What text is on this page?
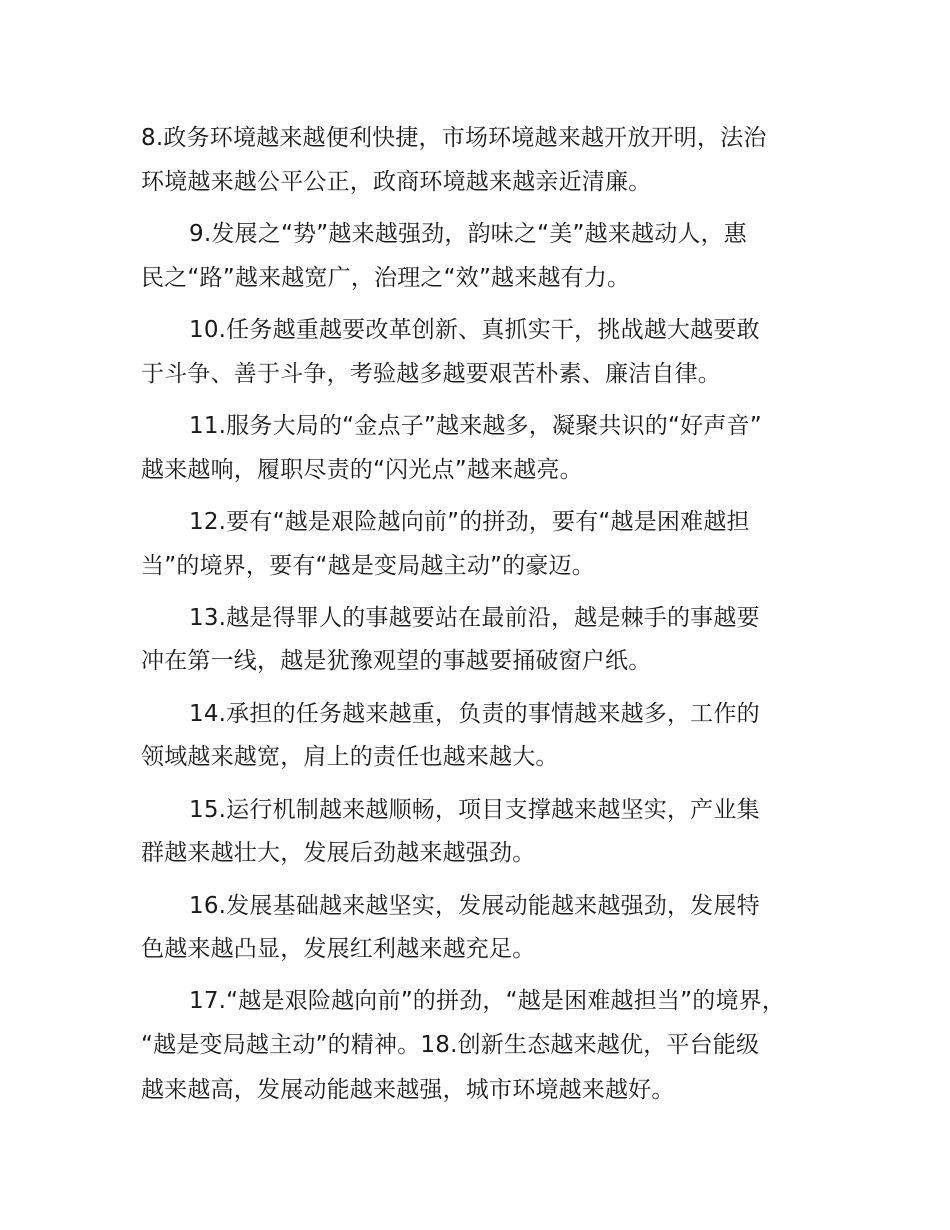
8.政务环境越来越便利快捷，市场环境越来越开放开明，法治
环境越来越公平公正，政商环境越来越亲近清廉。
9.发展之“势”越来越强劲，韵味之“美”越来越动人，惠
民之“路”越来越宽广，治理之“效”越来越有力。
10.任务越重越要改革创新、真抓实干，挑战越大越要敢
于斗争、善于斗争，考验越多越要艰苦朴素、廉洁自律。
11.服务大局的“金点子”越来越多，凝聚共识的“好声音”
越来越响，履职尽责的“闪光点”越来越亮。
12.要有“越是艰险越向前”的拼劲，要有“越是困难越担
当”的境界，要有“越是变局越主动”的豪迈。
13.越是得罪人的事越要站在最前沿，越是棘手的事越要
冲在第一线，越是犹豫观望的事越要捅破窗户纸。
14.承担的任务越来越重，负责的事情越来越多，工作的
领域越来越宽，肩上的责任也越来越大。
15.运行机制越来越顺畅，项目支撑越来越坚实，产业集
群越来越壮大，发展后劲越来越强劲。
16.发展基础越来越坚实，发展动能越来越强劲，发展特
色越来越凸显，发展红利越来越充足。
17.“越是艰险越向前”的拼劲，“越是困难越担当”的境界，
“越是变局越主动”的精神。18.创新生态越来越优，平台能级
越来越高，发展动能越来越强，城市环境越来越好。
